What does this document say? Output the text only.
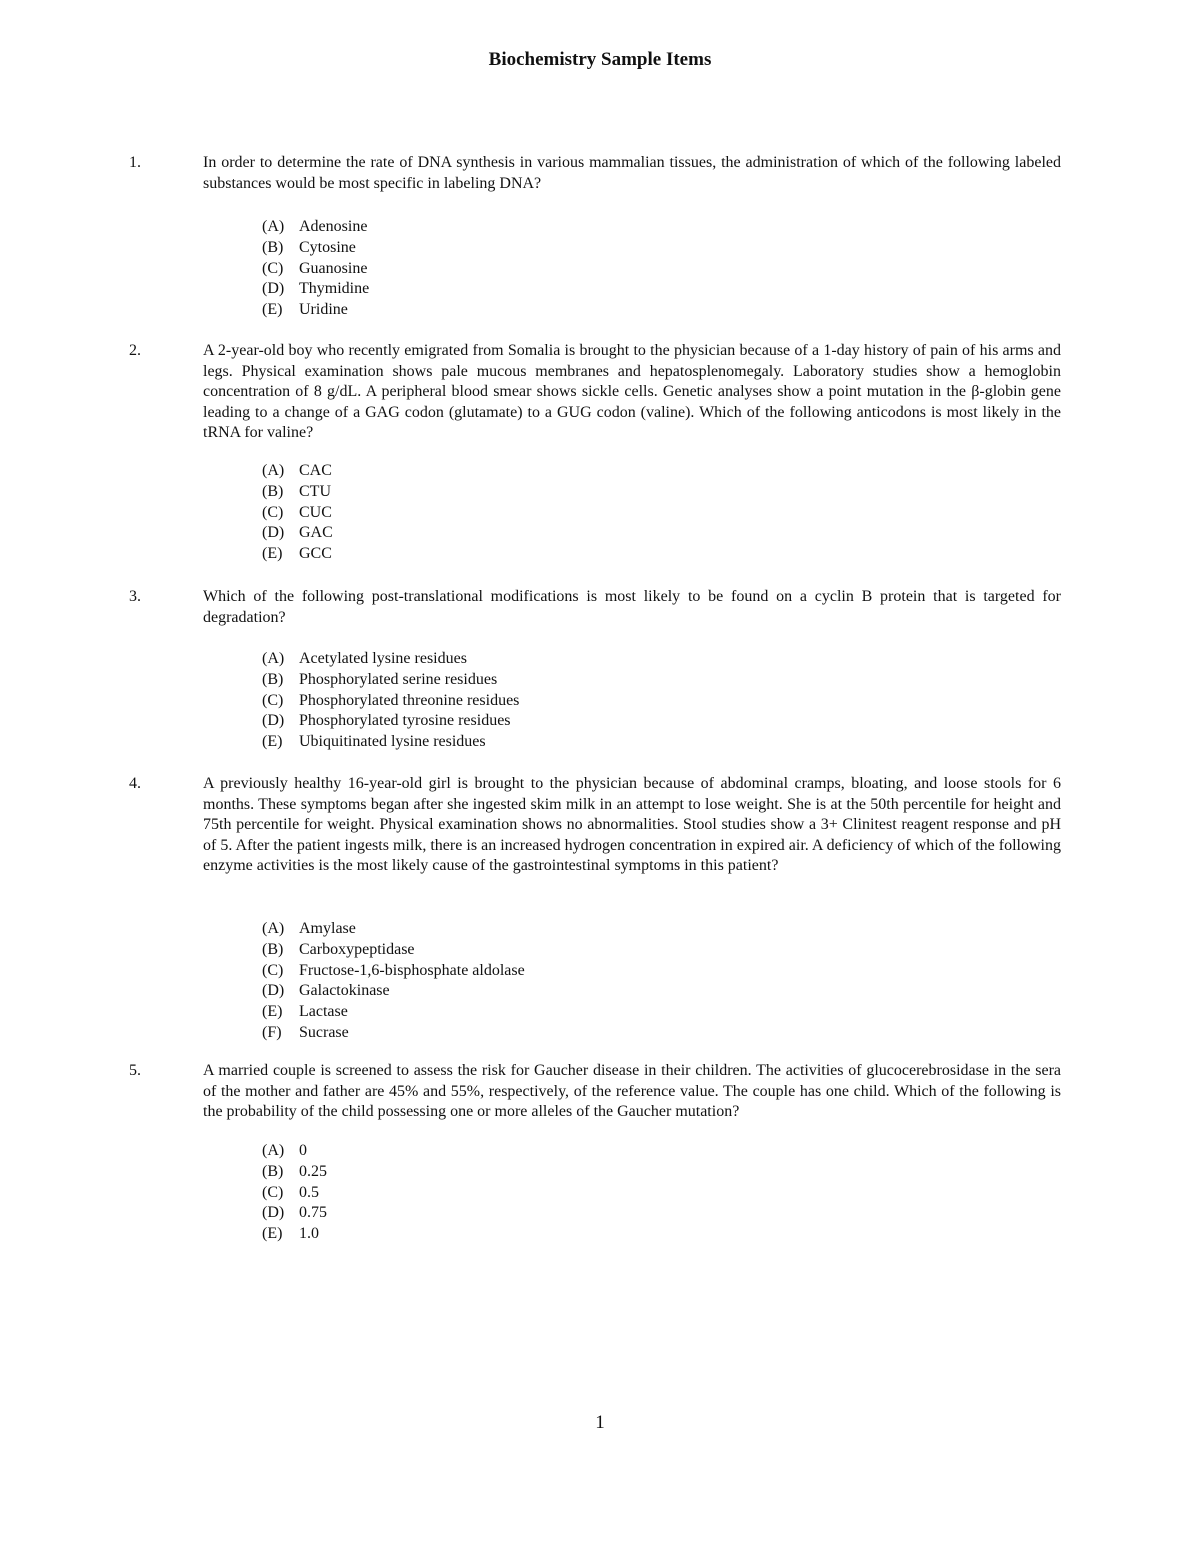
Biochemistry Sample Items
1.	In order to determine the rate of DNA synthesis in various mammalian tissues, the administration of which of the following labeled substances would be most specific in labeling DNA?
(A) Adenosine
(B) Cytosine
(C) Guanosine
(D) Thymidine
(E) Uridine
2.	A 2-year-old boy who recently emigrated from Somalia is brought to the physician because of a 1-day history of pain of his arms and legs. Physical examination shows pale mucous membranes and hepatosplenomegaly. Laboratory studies show a hemoglobin concentration of 8 g/dL. A peripheral blood smear shows sickle cells. Genetic analyses show a point mutation in the β-globin gene leading to a change of a GAG codon (glutamate) to a GUG codon (valine). Which of the following anticodons is most likely in the tRNA for valine?
(A) CAC
(B) CTU
(C) CUC
(D) GAC
(E) GCC
3.	Which of the following post-translational modifications is most likely to be found on a cyclin B protein that is targeted for degradation?
(A) Acetylated lysine residues
(B) Phosphorylated serine residues
(C) Phosphorylated threonine residues
(D) Phosphorylated tyrosine residues
(E) Ubiquitinated lysine residues
4.	A previously healthy 16-year-old girl is brought to the physician because of abdominal cramps, bloating, and loose stools for 6 months. These symptoms began after she ingested skim milk in an attempt to lose weight. She is at the 50th percentile for height and 75th percentile for weight. Physical examination shows no abnormalities. Stool studies show a 3+ Clinitest reagent response and pH of 5. After the patient ingests milk, there is an increased hydrogen concentration in expired air. A deficiency of which of the following enzyme activities is the most likely cause of the gastrointestinal symptoms in this patient?
(A) Amylase
(B) Carboxypeptidase
(C) Fructose-1,6-bisphosphate aldolase
(D) Galactokinase
(E) Lactase
(F) Sucrase
5.	A married couple is screened to assess the risk for Gaucher disease in their children. The activities of glucocerebrosidase in the sera of the mother and father are 45% and 55%, respectively, of the reference value. The couple has one child. Which of the following is the probability of the child possessing one or more alleles of the Gaucher mutation?
(A) 0
(B) 0.25
(C) 0.5
(D) 0.75
(E) 1.0
1
